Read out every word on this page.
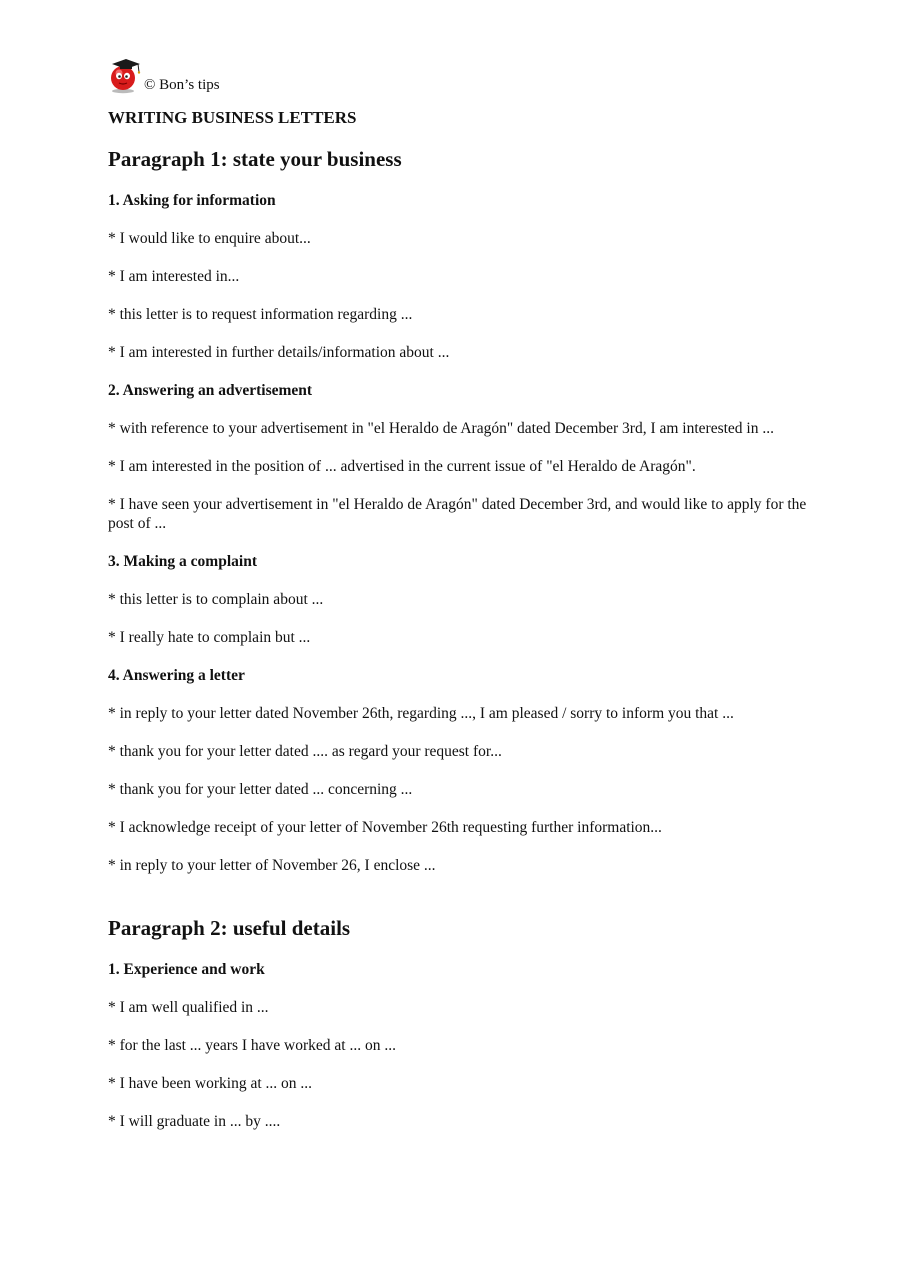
© Bon’s tips
WRITING BUSINESS LETTERS
Paragraph 1: state your business
1. Asking for information
* I would like to enquire about...
* I am interested in...
* this letter is to request information regarding ...
* I am interested in further details/information about ...
2. Answering an advertisement
* with reference to your advertisement in "el Heraldo de Aragón" dated December 3rd, I am interested in ...
* I am interested in the position of ... advertised in the current issue of "el Heraldo de Aragón".
* I have seen your advertisement in "el Heraldo de Aragón" dated December 3rd, and would like to apply for the post of ...
3. Making a complaint
* this letter is to complain about ...
* I really hate to complain but ...
4. Answering a letter
* in reply to your letter dated November 26th, regarding ..., I am pleased / sorry to inform you that ...
* thank you for your letter dated .... as regard your request for...
* thank you for your letter dated ... concerning ...
* I acknowledge receipt of your letter of November 26th requesting further information...
* in reply to your letter of November 26, I enclose ...
Paragraph 2: useful details
1. Experience and work
* I am well qualified in ...
* for the last ... years I have worked at ... on ...
* I have been working at ... on ...
* I will graduate in ... by ....
